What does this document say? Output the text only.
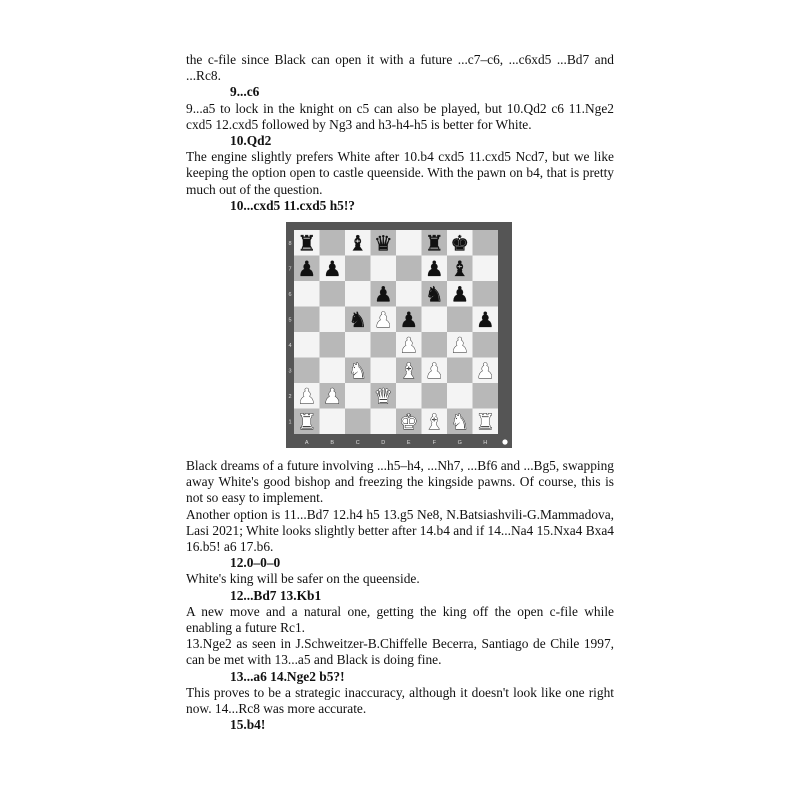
the c-file since Black can open it with a future ...c7–c6, ...c6xd5 ...Bd7 and ...Rc8.

9...c6

9...a5 to lock in the knight on c5 can also be played, but 10.Qd2 c6 11.Nge2 cxd5 12.cxd5 followed by Ng3 and h3-h4-h5 is better for White.

10.Qd2

The engine slightly prefers White after 10.b4 cxd5 11.cxd5 Ncd7, but we like keeping the option open to castle queenside. With the pawn on b4, that is pretty much out of the question.

10...cxd5 11.cxd5 h5!?

8
7
6
5
4
3
2
1
A	B	C	D	E	F	G	H
♜ ♝ ♛ ♜ ♚
♟ ♟	♟ ♝
♟ ♞ ♟
♞ ♟ ♟	♟
♟ ♟
♞ ♝ ♟ ♟
♟ ♟ ♛
♜	♚ ♝ ♞ ♜

Black dreams of a future involving ...h5–h4, ...Nh7, ...Bf6 and ...Bg5, swapping away White's good bishop and freezing the kingside pawns. Of course, this is not so easy to implement.

Another option is 11...Bd7 12.h4 h5 13.g5 Ne8, N.Batsiashvili-G.Mammadova, Lasi 2021; White looks slightly better after 14.b4 and if 14...Na4 15.Nxa4 Bxa4 16.b5! a6 17.b6.

12.0–0–0

White's king will be safer on the queenside.

12...Bd7 13.Kb1

A new move and a natural one, getting the king off the open c-file while enabling a future Rc1.

13.Nge2 as seen in J.Schweitzer-B.Chiffelle Becerra, Santiago de Chile 1997, can be met with 13...a5 and Black is doing fine.

13...a6 14.Nge2 b5?!

This proves to be a strategic inaccuracy, although it doesn't look like one right now. 14...Rc8 was more accurate.

15.b4!
